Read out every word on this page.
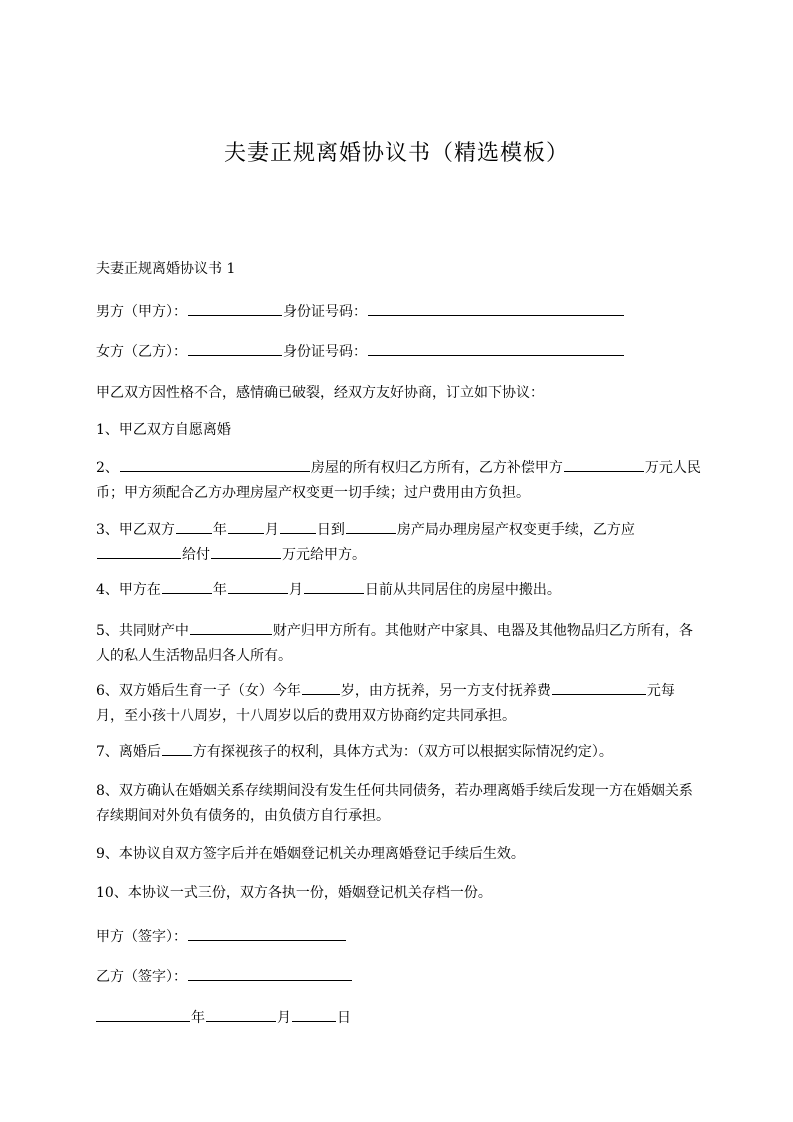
夫妻正规离婚协议书（精选模板）

夫妻正规离婚协议书 1

男方（甲方）：	身份证号码：

女方（乙方）：	身份证号码：

甲乙双方因性格不合，感情确已破裂，经双方友好协商，订立如下协议：

1、甲乙双方自愿离婚

2、	房屋的所有权归乙方所有，乙方补偿甲方	万元人民币；甲方须配合乙方办理房屋产权变更一切手续；过户费用由方负担。

3、甲乙双方	年	月	日到	房产局办理房屋产权变更手续，乙方应给付	万元给甲方。

4、甲方在	年	月	日前从共同居住的房屋中搬出。

5、共同财产中	财产归甲方所有。其他财产中家具、电器及其他物品归乙方所有，各人的私人生活物品归各人所有。

6、双方婚后生育一子（女）今年	岁，由方抚养，另一方支付抚养费	元每月，至小孩十八周岁，十八周岁以后的费用双方协商约定共同承担。

7、离婚后 方有探视孩子的权利，具体方式为：（双方可以根据实际情况约定）。

8、双方确认在婚姻关系存续期间没有发生任何共同债务，若办理离婚手续后发现一方在婚姻关系存续期间对外负有债务的，由负债方自行承担。

9、本协议自双方签字后并在婚姻登记机关办理离婚登记手续后生效。

10、本协议一式三份，双方各执一份，婚姻登记机关存档一份。

甲方（签字）：

乙方（签字）：

年	月	日
